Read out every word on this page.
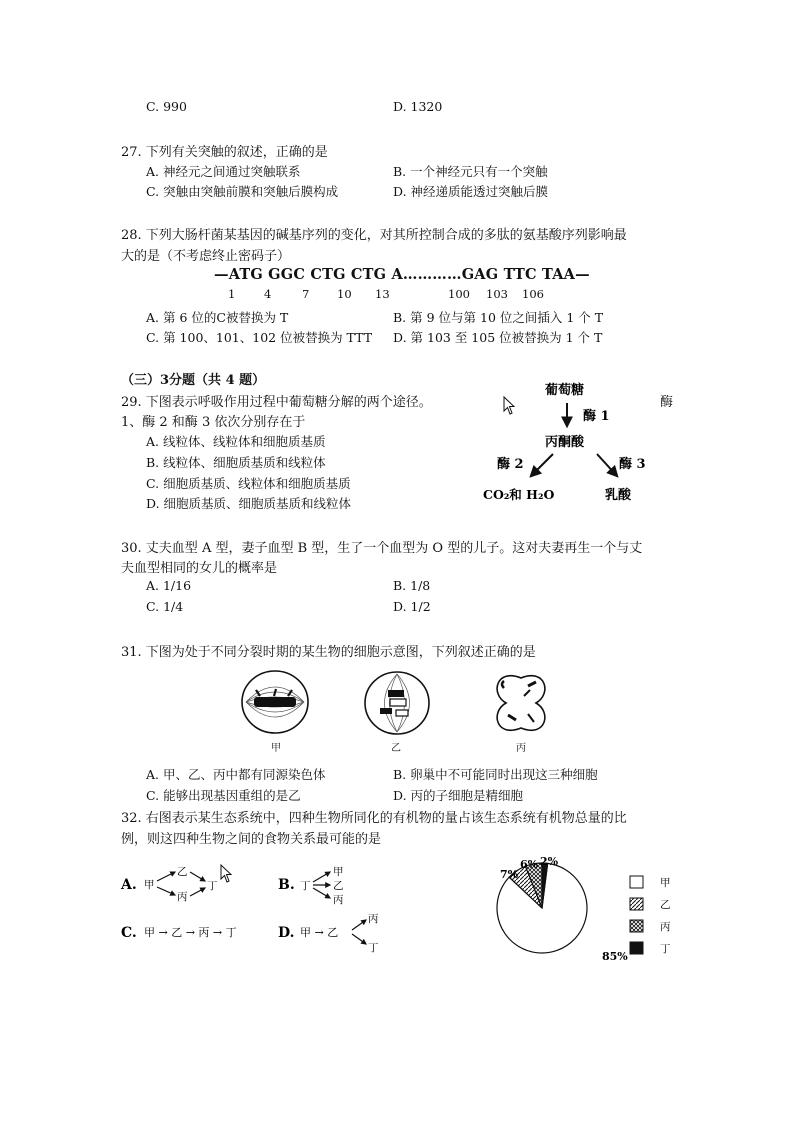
C. 990	D. 1320
27. 下列有关突触的叙述，正确的是
A. 神经元之间通过突触联系	B. 一个神经元只有一个突触
C. 突触由突触前膜和突触后膜构成	D. 神经递质能透过突触后膜
28. 下列大肠杆菌某基因的碱基序列的变化，对其所控制合成的多肽的氨基酸序列影响最
大的是（不考虑终止密码子）
—ATG GGC CTG CTG A…………GAG TTC TAA—
1 4	7 10 13	100 103 106
A. 第 6 位的C被替换为 T	B. 第 9 位与第 10 位之间插入 1 个 T
C. 第 100、101、102 位被替换为 TTT D. 第 103 至 105 位被替换为 1 个 T
（三）3分题（共 4 题）
29. 下图表示呼吸作用过程中葡萄糖分解的两个途径。	酶
1、酶 2 和酶 3 依次分别存在于
A. 线粒体、线粒体和细胞质基质
B. 线粒体、细胞质基质和线粒体
C. 细胞质基质、线粒体和细胞质基质
D. 细胞质基质、细胞质基质和线粒体
葡萄糖
酶 1
丙酮酸
酶 2	酶 3
CO₂和 H₂O	乳酸
30. 丈夫血型 A 型，妻子血型 B 型，生了一个血型为 O 型的儿子。这对夫妻再生一个与丈
夫血型相同的女儿的概率是
A. 1/16	B. 1/8
C. 1/4	D. 1/2
31. 下图为处于不同分裂时期的某生物的细胞示意图，下列叙述正确的是
甲	乙	丙
A. 甲、乙、丙中都有同源染色体	B. 卵巢中不可能同时出现这三种细胞
C. 能够出现基因重组的是乙	D. 丙的子细胞是精细胞
32. 右图表示某生态系统中，四种生物所同化的有机物的量占该生态系统有机物总量的比
例，则这四种生物之间的食物关系最可能的是
A. 甲
乙
丙
丁	B. 丁
甲
乙
丙
C. 甲 → 乙 → 丙 → 丁	D. 甲 → 乙
丙
丁
85%
7%
6% 2%
甲
乙
丙
丁
